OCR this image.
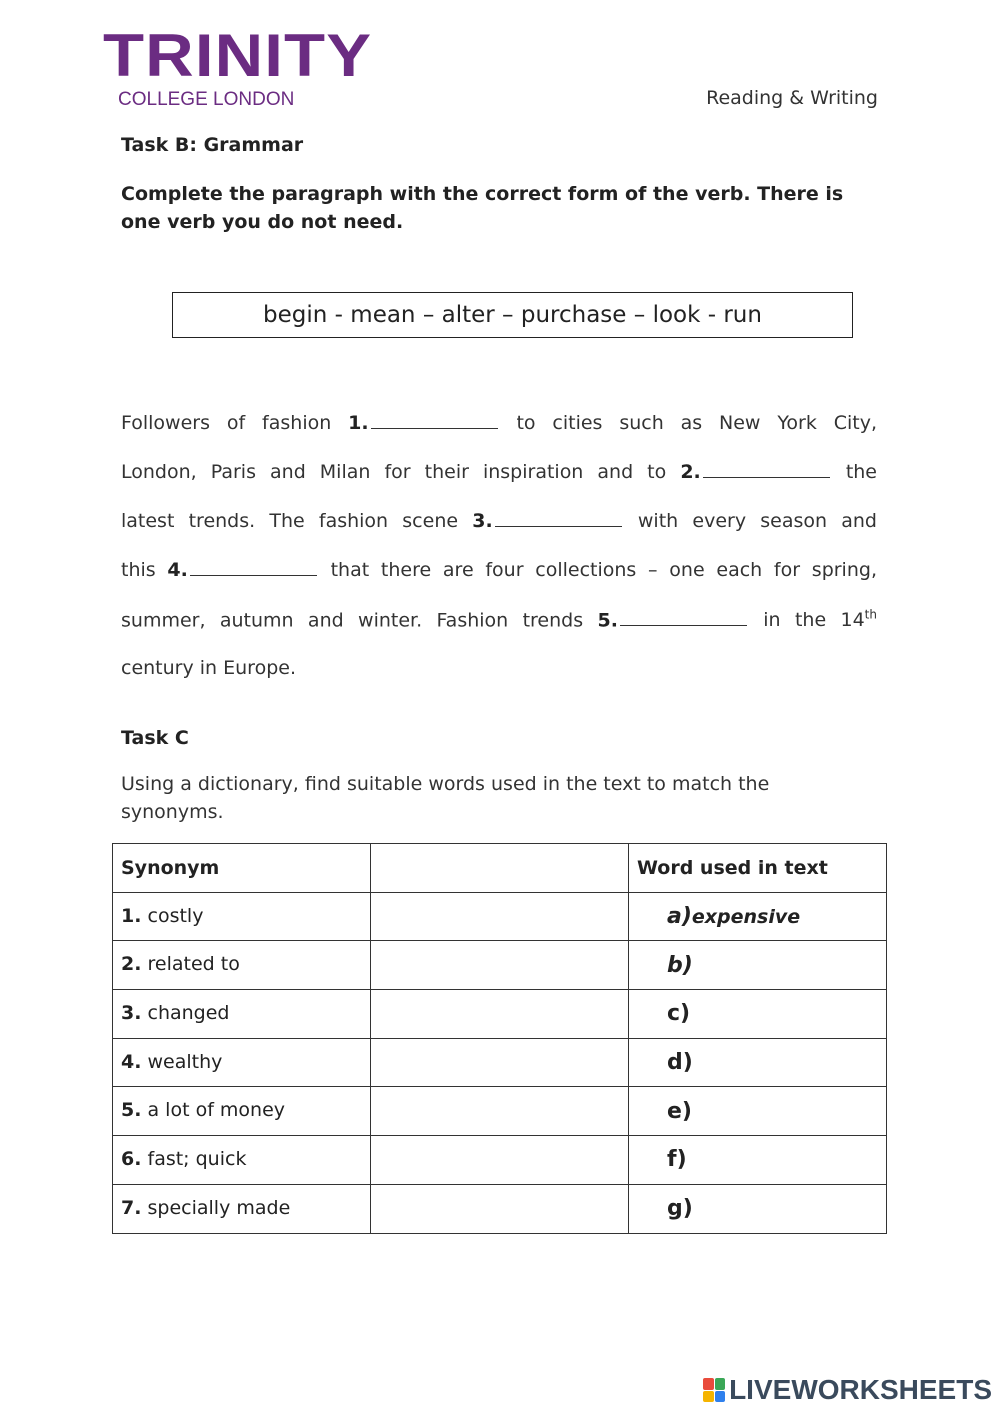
TRINITY
COLLEGE LONDON	Reading & Writing
Task B: Grammar
Complete the paragraph with the correct form of the verb. There is one verb you do not need.
begin - mean – alter – purchase – look - run
Followers of fashion 1.	to cities such as New York City,
London, Paris and Milan for their inspiration and to 2.	the
latest trends. The fashion scene 3.	with every season and
this 4.	that there are four collections – one each for spring,
summer, autumn and winter. Fashion trends 5.	in the 14th
century in Europe.
Task C
Using a dictionary, find suitable words used in the text to match the synonyms.
Synonym		Word used in text
1. costly		a)expensive
2. related to		b)
3. changed		c)
4. wealthy		d)
5. a lot of money		e)
6. fast; quick		f)
7. specially made		g)
LIVEWORKSHEETS
